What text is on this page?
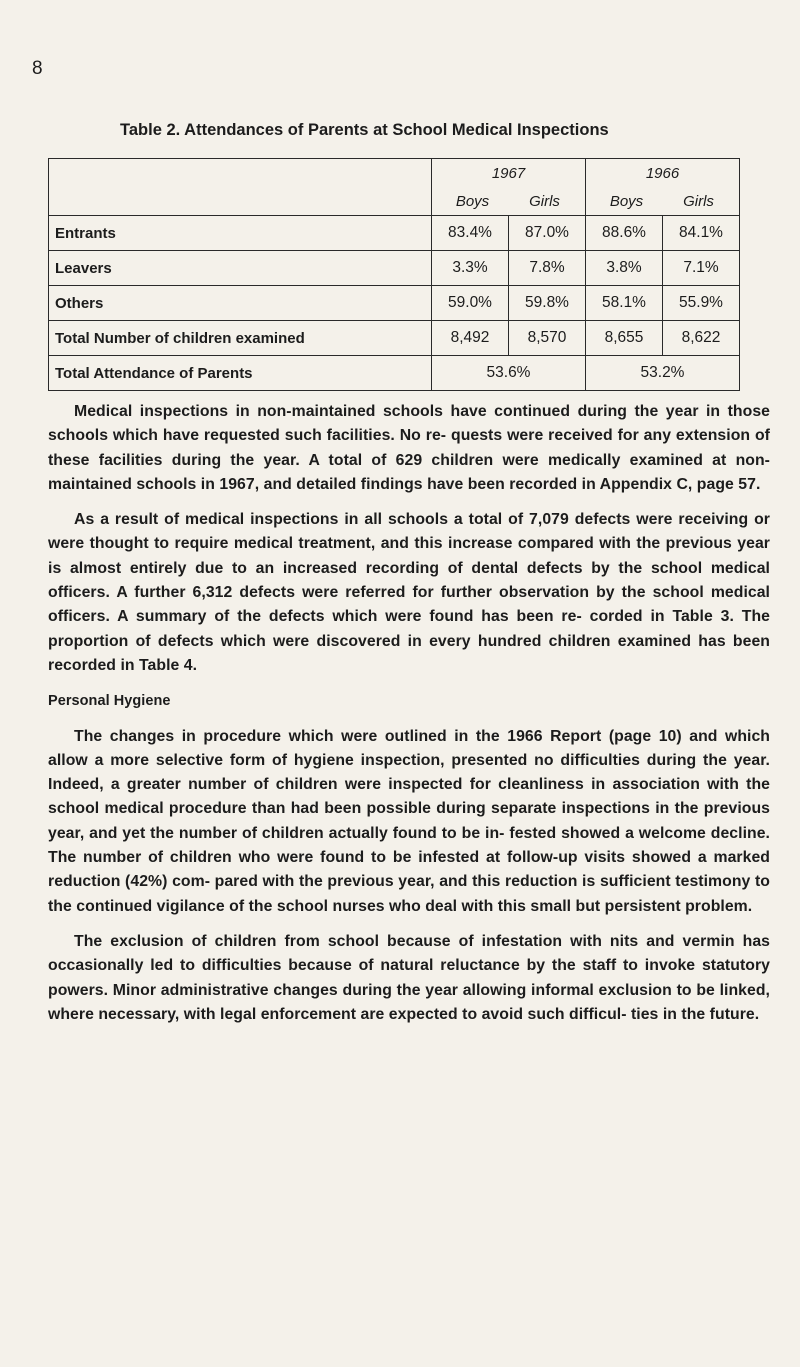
8
Table 2. Attendances of Parents at School Medical Inspections
	1967		1966	
	Boys Girls		Boys Girls	
Entrants	83.4%	87.0%	88.6%	84.1%
Leavers	3.3%	7.8%	3.8%	7.1%
Others	59.0%	59.8%	58.1%	55.9%
Total Number of children examined	8,492	8,570	8,655	8,622
Total Attendance of Parents	53.6%		53.2%	

Medical inspections in non-maintained schools have continued during the year in those schools which have requested such facilities. No re- quests were received for any extension of these facilities during the year. A total of 629 children were medically examined at non-maintained schools in 1967, and detailed findings have been recorded in Appendix C, page 57.

As a result of medical inspections in all schools a total of 7,079 defects were receiving or were thought to require medical treatment, and this increase compared with the previous year is almost entirely due to an increased recording of dental defects by the school medical officers. A further 6,312 defects were referred for further observation by the school medical officers. A summary of the defects which were found has been re- corded in Table 3. The proportion of defects which were discovered in every hundred children examined has been recorded in Table 4.

Personal Hygiene

The changes in procedure which were outlined in the 1966 Report (page 10) and which allow a more selective form of hygiene inspection, presented no difficulties during the year. Indeed, a greater number of children were inspected for cleanliness in association with the school medical procedure than had been possible during separate inspections in the previous year, and yet the number of children actually found to be in- fested showed a welcome decline. The number of children who were found to be infested at follow-up visits showed a marked reduction (42%) com- pared with the previous year, and this reduction is sufficient testimony to the continued vigilance of the school nurses who deal with this small but persistent problem.

The exclusion of children from school because of infestation with nits and vermin has occasionally led to difficulties because of natural reluctance by the staff to invoke statutory powers. Minor administrative changes during the year allowing informal exclusion to be linked, where necessary, with legal enforcement are expected to avoid such difficul- ties in the future.
